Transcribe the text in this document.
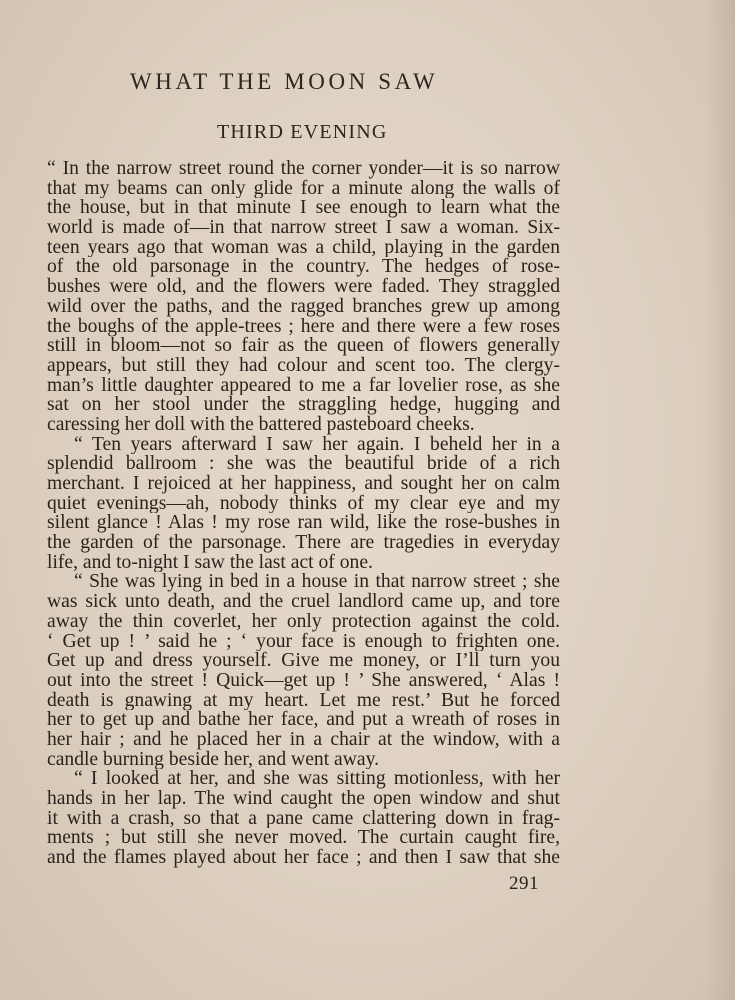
WHAT THE MOON SAW
THIRD EVENING
“ In the narrow street round the corner yonder—it is so narrow
that my beams can only glide for a minute along the walls of
the house, but in that minute I see enough to learn what the
world is made of—in that narrow street I saw a woman. Six-
teen years ago that woman was a child, playing in the garden
of the old parsonage in the country. The hedges of rose-
bushes were old, and the flowers were faded. They straggled
wild over the paths, and the ragged branches grew up among
the boughs of the apple-trees ; here and there were a few roses
still in bloom—not so fair as the queen of flowers generally
appears, but still they had colour and scent too. The clergy-
man’s little daughter appeared to me a far lovelier rose, as she
sat on her stool under the straggling hedge, hugging and
caressing her doll with the battered pasteboard cheeks.
“ Ten years afterward I saw her again. I beheld her in a
splendid ballroom : she was the beautiful bride of a rich
merchant. I rejoiced at her happiness, and sought her on calm
quiet evenings—ah, nobody thinks of my clear eye and my
silent glance ! Alas ! my rose ran wild, like the rose-bushes in
the garden of the parsonage. There are tragedies in everyday
life, and to-night I saw the last act of one.
“ She was lying in bed in a house in that narrow street ; she
was sick unto death, and the cruel landlord came up, and tore
away the thin coverlet, her only protection against the cold.
‘ Get up ! ’ said he ; ‘ your face is enough to frighten one.
Get up and dress yourself. Give me money, or I’ll turn you
out into the street ! Quick—get up ! ’ She answered, ‘ Alas !
death is gnawing at my heart. Let me rest.’ But he forced
her to get up and bathe her face, and put a wreath of roses in
her hair ; and he placed her in a chair at the window, with a
candle burning beside her, and went away.
“ I looked at her, and she was sitting motionless, with her
hands in her lap. The wind caught the open window and shut
it with a crash, so that a pane came clattering down in frag-
ments ; but still she never moved. The curtain caught fire,
and the flames played about her face ; and then I saw that she
291
